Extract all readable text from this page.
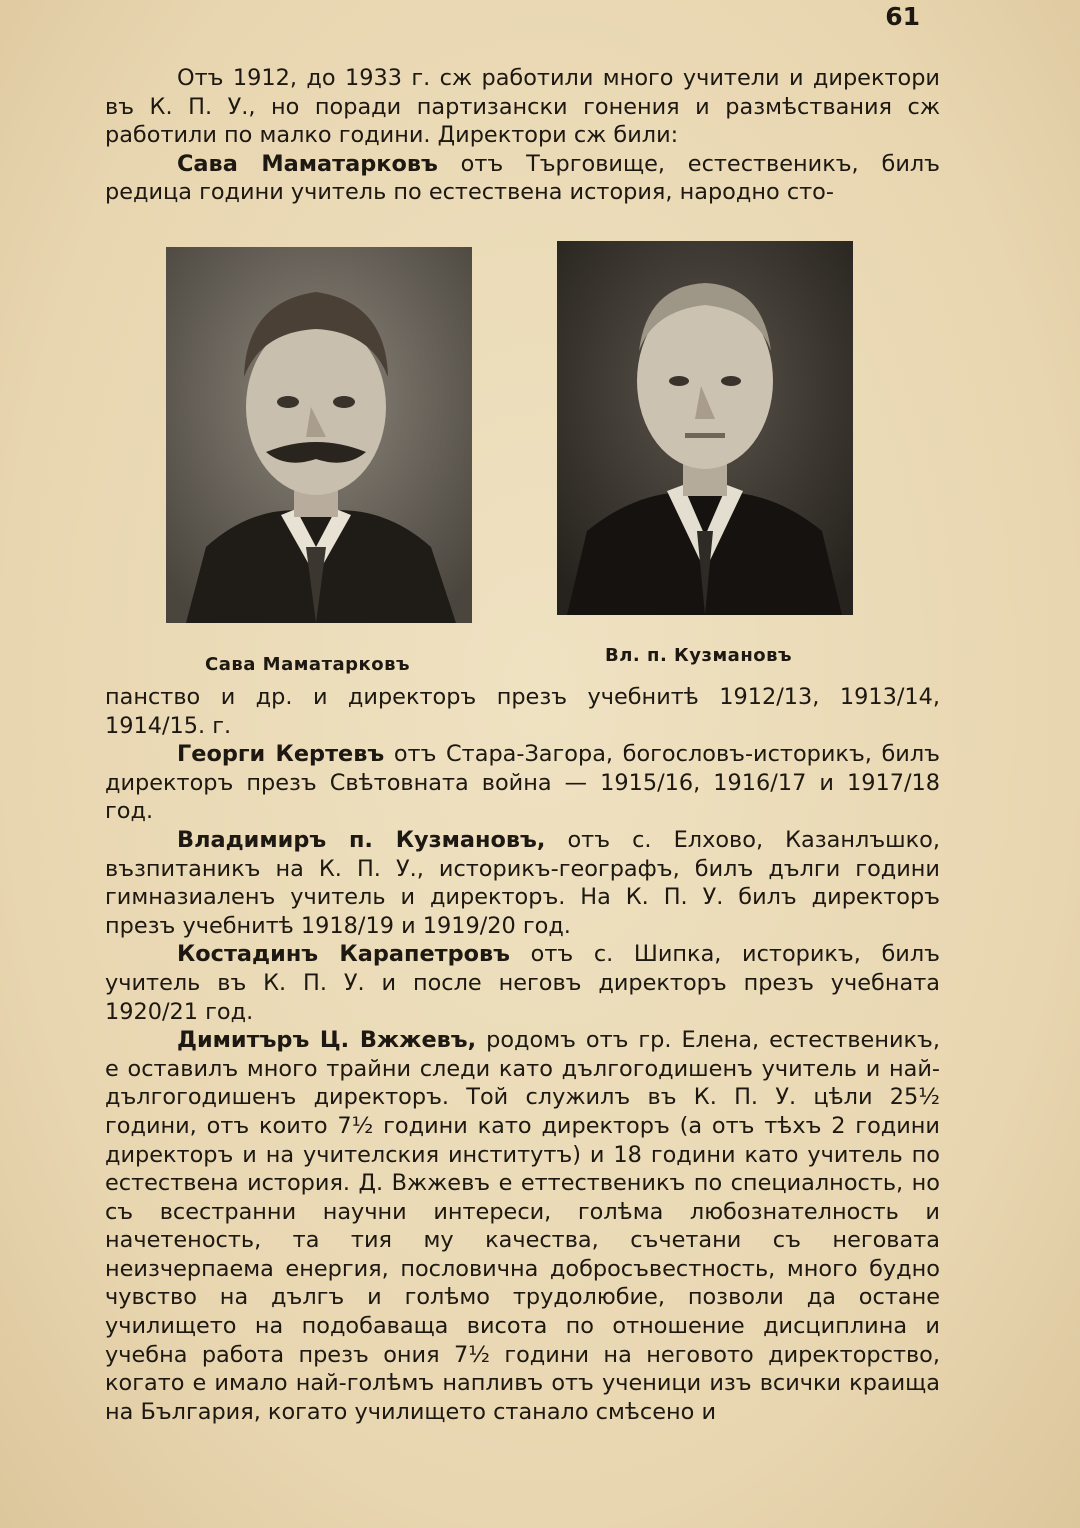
61

Отъ 1912, до 1933 г. сж работили много учители и директори въ К. П. У., но поради партизански гонения и размѣствания сж работили по малко години. Директори сж били:

Сава Маматарковъ отъ Търговище, естественикъ, билъ редица години учитель по естествена история, народно сто-

Сава Маматарковъ	Вл. п. Кузмановъ

панство и др. и директоръ презъ учебнитѣ 1912/13, 1913/14, 1914/15. г.

Георги Кертевъ отъ Стара-Загора, богословъ-историкъ, билъ директоръ презъ Свѣтовната война — 1915/16, 1916/17 и 1917/18 год.

Владимиръ п. Кузмановъ, отъ с. Елхово, Казанлъшко, възпитаникъ на К. П. У., историкъ-географъ, билъ дълги години гимназиаленъ учитель и директоръ. На К. П. У. билъ директоръ презъ учебнитѣ 1918/19 и 1919/20 год.

Костадинъ Карапетровъ отъ с. Шипка, историкъ, билъ учитель въ К. П. У. и после неговъ директоръ презъ учебната 1920/21 год.

Димитъръ Ц. Вжжевъ, родомъ отъ гр. Елена, естественикъ, е оставилъ много трайни следи като дългогодишенъ учитель и най-дългогодишенъ директоръ. Той служилъ въ К. П. У. цѣли 25½ години, отъ които 7½ години като директоръ (а отъ тѣхъ 2 години директоръ и на учителския институтъ) и 18 години като учитель по естествена история. Д. Вжжевъ е еттественикъ по специалность, но съ всестранни научни интереси, голѣма любознателность и начетеность, та тия му качества, съчетани съ неговата неизчерпаема енергия, пословична добросъвестность, много будно чувство на дългъ и голѣмо трудолюбие, позволи да остане училището на подобаваща висота по отношение дисциплина и учебна работа презъ ония 7½ години на неговото директорство, когато е имало най-голѣмъ напливъ отъ ученици изъ всички краища на България, когато училището станало смѣсено и
